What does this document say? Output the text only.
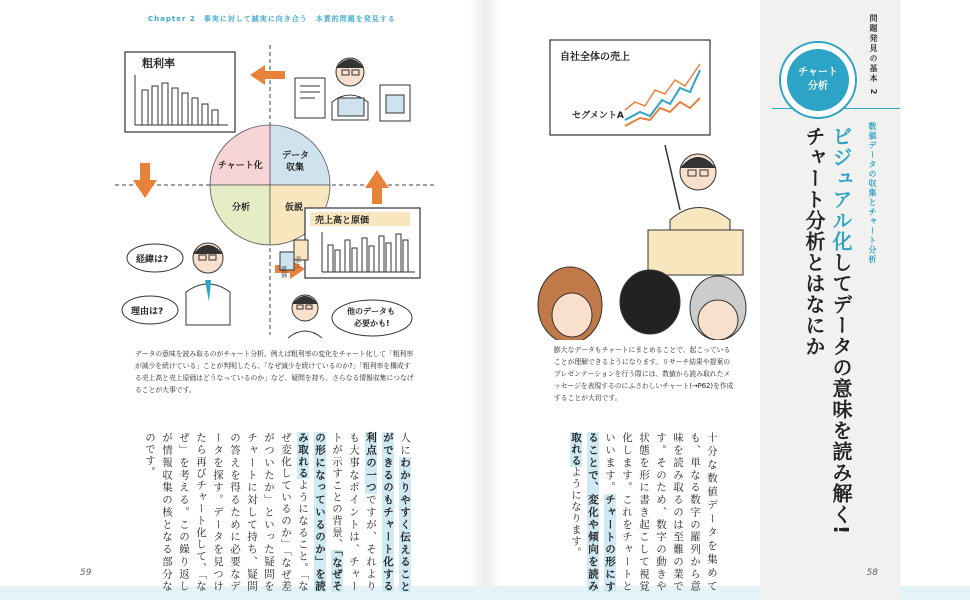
Chapter 2　事実に対して誠実に向き合う　本質的問題を発見する
粗利率
チャート化
データ
収集
分析	仮説
売上高と原価
売上
原価
経緯は?
理由は?	他のデータも
必要かも!
データの意味を読み取るのがチャート分析。例えば粗利率の変化をチャート化して「粗利率が減少を続けている」ことが判明したら、「なぜ減少を続けているのか?」「粗利率を構成する売上高と売上原価はどうなっているのか」など、疑問を持ち、さらなる情報収集につなげることが大事です。
人にわかりやすく伝えることができるのもチャート化する利点の一つですが、それよりも大事なポイントは、チャートが示すことの背景、「なぜその形になっているのか」を読み取れるようになること。「なぜ変化しているのか」「なぜ差がついたか」といった疑問をチャートに対して持ち、疑問の答えを得るために必要なデータを探す。データを見つけたら再びチャート化して、「なぜ」を考える。この繰り返しが情報収集の核となる部分なのです。
59
自社全体の売上
セグメントA
膨大なデータもチャートにまとめることで、起こっていることが理解できるようになります。リサーチ結果や提案のプレゼンテーションを行う際には、数値から読み取れたメッセージを表現するのにふさわしいチャート(→P62)を作成することが大切です。
十分な数値データを集めても、単なる数字の羅列から意味を読み取るのは至難の業です。そのため、数字の動きや状態を形に書き起こして視覚化します。これをチャートといいます。チャートの形にすることで、変化や傾向を読み取れるようになります。
チャート
分析	問題発見の基本 2
数値データの収集とチャート分析
ビジュアル化してデータの意味を読み解く!
チャート分析とはなにか
58
